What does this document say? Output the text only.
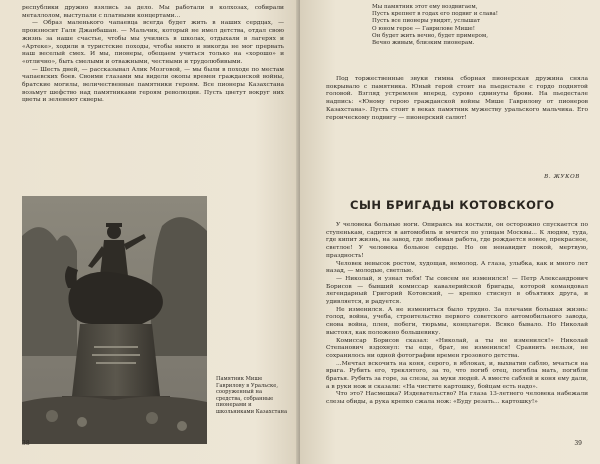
республики дружно взялись за дело. Мы работали в колхозах, собирали металлолом, выступали с платными концертами...

— Образ маленького чапаевца всегда будет жить в наших сердцах, — произносит Галя Джанбашан. — Мальчик, который не имел детства, отдал свою жизнь за наше счастье, чтобы мы учились в школах, отдыхали в лагерях и «Артеке», ходили в туристские походы, чтобы никто и никогда не мог прервать наш веселый смех. И мы, пионеры, обещаем учиться только на «хорошо» и «отлично», быть смелыми и отважными, честными и трудолюбивыми.

— Шесть дней, — рассказывал Алик Мозговой, — мы были в походе по местам чапаевских боев. Своими глазами мы видели окопы времен гражданской войны, братские могилы, величественные памятники героям. Все пионеры Казахстана возьмут шефство над памятниками героям революции. Пусть цветут вокруг них цветы и зеленеют скверы.

Памятник Мише Гаврилову в Уральске, сооруженный на средства, собранные пионерами и школьниками Казахстана

38
Мы памятник этот ему воздвигаем,
Пусть крепнет в годах его подвиг и слава!
Пусть все пионеры увидят, услышат
О юном герое — Гаврилове Мише!
Он будет жить вечно, будет примером,
Вечно живым, близким пионерам.

Под торжественные звуки гимна сборная пионерская дружина сняла покрывало с памятника. Юный герой стоит на пьедестале с гордо поднятой головой. Взгляд устремлен вперед, сурово сдвинуты брови. На пьедестале надпись: «Юному герою гражданской войны Мише Гаврилову от пионеров Казахстана». Пусть стоит в веках памятник мужеству уральского мальчика. Его героическому подвигу — пионерский салют!

В. ЖУКОВ
СЫН БРИГАДЫ КОТОВСКОГО

У человека больные ноги. Опираясь на костыли, он осторожно спускается по ступенькам, садится в автомобиль и мчится по улицам Москвы... К людям, туда, где кипит жизнь, на завод, где любимая работа, где рождается новое, прекрасное, светлое! У человека больное сердце. Но он ненавидит покой, мертвую, праздность!

Человек невысок ростом, худощав, немолод. А глаза, улыбка, как и много лет назад, — молодые, светлые.

— Николай, я узнал тебя! Ты совсем не изменился! — Петр Александрович Борисов — бывший комиссар кавалерийской бригады, которой командовал легендарный Григорий Котовский, — крепко стиснул в объятиях друга, и удивляется, и радуется.

Не изменился. А не измениться было трудно. За плечами большая жизнь: голод, война, учеба, строительство первого советского автомобильного завода, снова война, плен, побеги, тюрьмы, концлагеря. Всяко бывало. Но Николай выстоял, как положено большевику.

Комиссар Борисов сказал: «Николай, а ты не изменился!» Николай Степанович вздохнул: ты еще, брат, не изменился! Сравнить нельзя, не сохранилось ни одной фотографии времен грозового детства.

...Мечтал вскочить на коня, серого, в яблоках, и, выхватив саблю, мчаться на врага. Рубить его, треклятого, за то, что погиб отец, погибла мать, погибли братья. Рубить за горе, за слезы, за муки людей. А вместе саблей и коня ему дали, а в руки нож и сказали: «На чистите картошку, бойцам есть надо».

Что это? Насмешка? Издевательство? На глаза 13-летнего человека набежали слезы обиды, а рука крепко сжала нож: «Буду резать... картошку!»

39
